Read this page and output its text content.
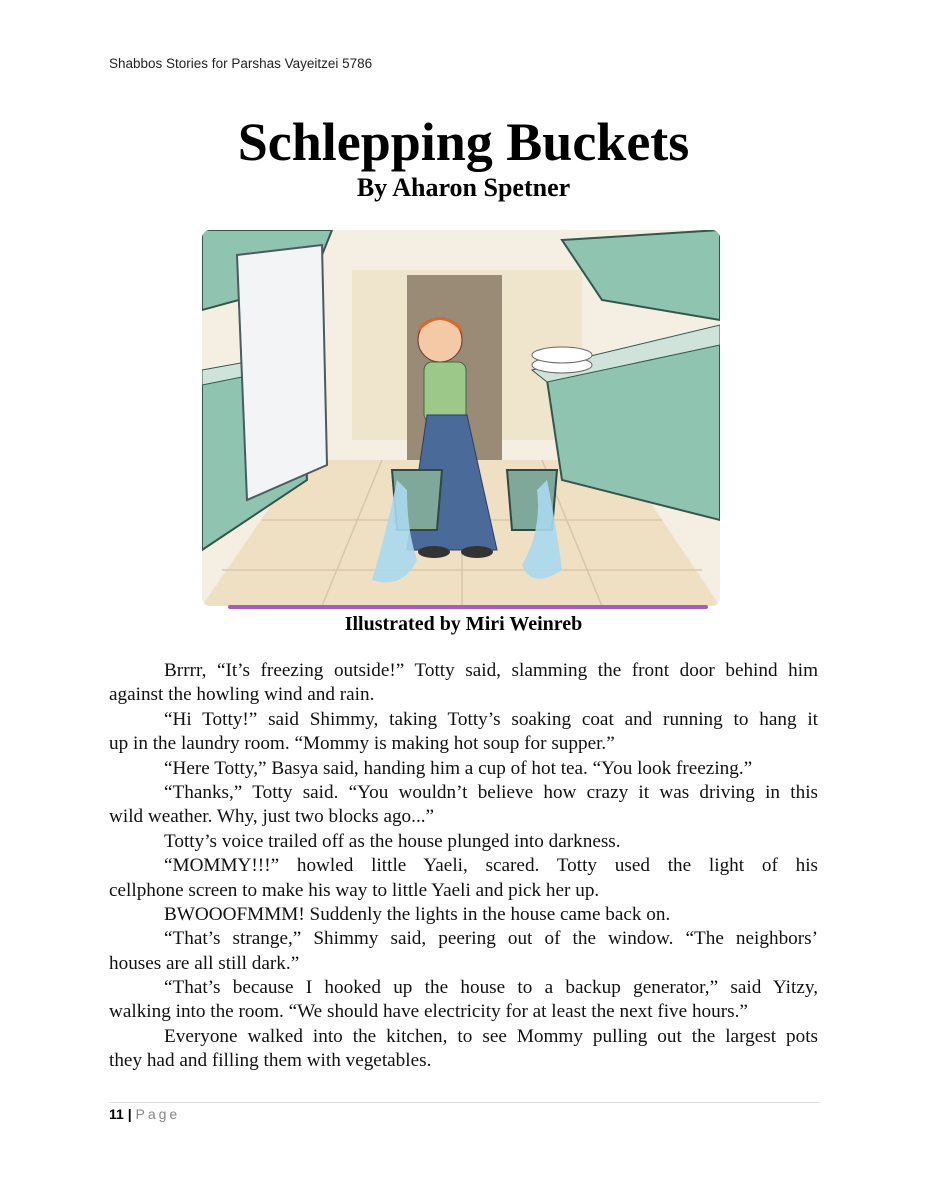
Shabbos Stories for Parshas Vayeitzei 5786
Schlepping Buckets
By Aharon Spetner
Illustrated by Miri Weinreb
Brrrr, “It’s freezing outside!” Totty said, slamming the front door behind him
against the howling wind and rain.
“Hi Totty!” said Shimmy, taking Totty’s soaking coat and running to hang it
up in the laundry room. “Mommy is making hot soup for supper.”
“Here Totty,” Basya said, handing him a cup of hot tea. “You look freezing.”
“Thanks,” Totty said. “You wouldn’t believe how crazy it was driving in this
wild weather. Why, just two blocks ago...”
Totty’s voice trailed off as the house plunged into darkness.
“MOMMY!!!” howled little Yaeli, scared. Totty used the light of his
cellphone screen to make his way to little Yaeli and pick her up.
BWOOOFMMM! Suddenly the lights in the house came back on.
“That’s strange,” Shimmy said, peering out of the window. “The neighbors’
houses are all still dark.”
“That’s because I hooked up the house to a backup generator,” said Yitzy,
walking into the room. “We should have electricity for at least the next five hours.”
Everyone walked into the kitchen, to see Mommy pulling out the largest pots
they had and filling them with vegetables.
11 | Page
